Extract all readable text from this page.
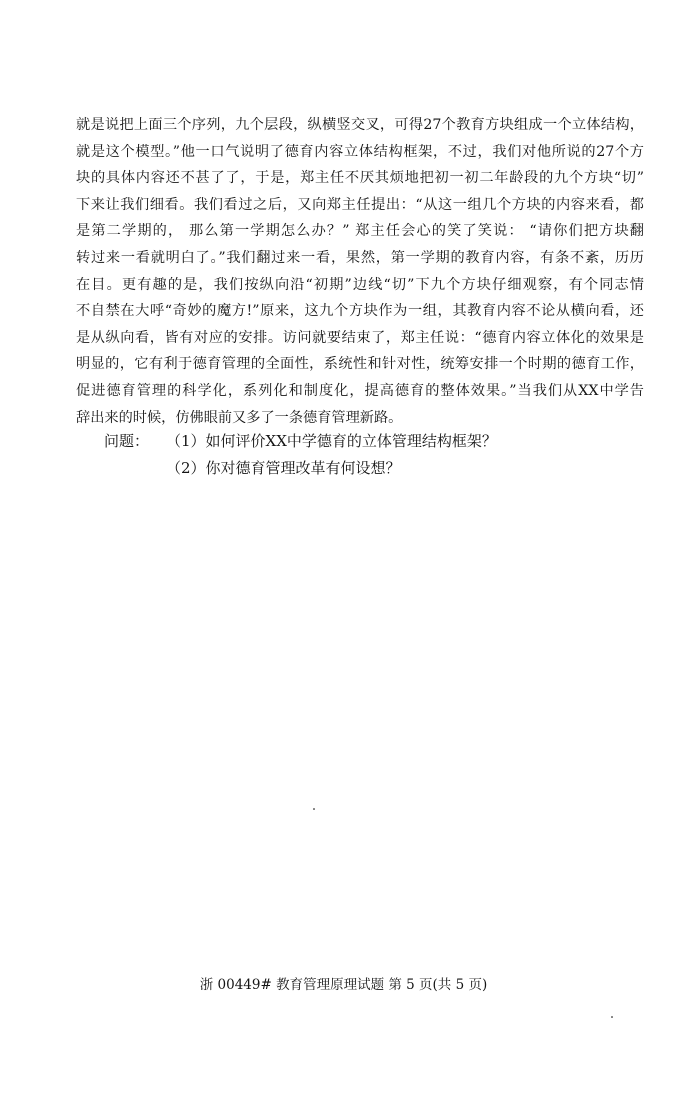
就是说把上面三个序列，九个层段，纵横竖交叉，可得27个教育方块组成一个立体结构，
就是这个模型。”他一口气说明了德育内容立体结构框架，不过，我们对他所说的27个方
块的具体内容还不甚了了，于是，郑主任不厌其烦地把初一初二年龄段的九个方块“切”
下来让我们细看。我们看过之后，又向郑主任提出：“从这一组几个方块的内容来看，都
是第二学期的， 那么第一学期怎么办？” 郑主任会心的笑了笑说： “请你们把方块翻
转过来一看就明白了。”我们翻过来一看，果然，第一学期的教育内容，有条不紊，历历
在目。更有趣的是，我们按纵向沿“初期”边线“切”下九个方块仔细观察，有个同志情
不自禁在大呼“奇妙的魔方!”原来，这九个方块作为一组，其教育内容不论从横向看，还
是从纵向看，皆有对应的安排。访问就要结束了，郑主任说：“德育内容立体化的效果是
明显的，它有利于德育管理的全面性，系统性和针对性，统筹安排一个时期的德育工作，
促进德育管理的科学化，系列化和制度化，提高德育的整体效果。”当我们从XX中学告
辞出来的时候，仿佛眼前又多了一条德育管理新路。
问题：	（1）如何评价XX中学德育的立体管理结构框架？
（2）你对德育管理改革有何设想？
浙 00449# 教育管理原理试题 第 5 页(共 5 页)
